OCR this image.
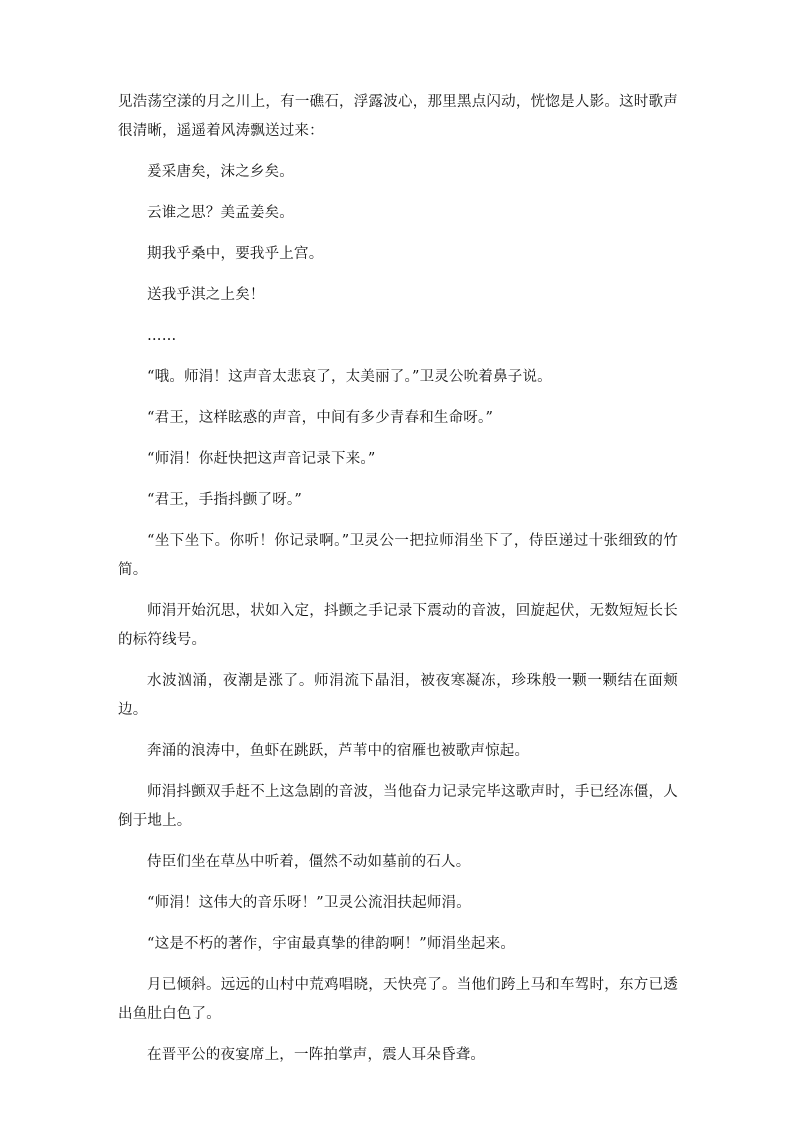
见浩荡空漾的月之川上，有一礁石，浮露波心，那里黑点闪动，恍惚是人影。这时歌声很清晰，遥遥着风涛飘送过来：

爰采唐矣，沫之乡矣。

云谁之思？美孟姜矣。

期我乎桑中，要我乎上宫。

送我乎淇之上矣！

……

“哦。师涓！这声音太悲哀了，太美丽了。”卫灵公吮着鼻子说。

“君王，这样眩惑的声音，中间有多少青春和生命呀。”

“师涓！你赶快把这声音记录下来。”

“君王，手指抖颤了呀。”

“坐下坐下。你听！你记录啊。”卫灵公一把拉师涓坐下了，侍臣递过十张细致的竹简。

师涓开始沉思，状如入定，抖颤之手记录下震动的音波，回旋起伏，无数短短长长的标符线号。

水波汹涌，夜潮是涨了。师涓流下晶泪，被夜寒凝冻，珍珠般一颗一颗结在面颊边。

奔涌的浪涛中，鱼虾在跳跃，芦苇中的宿雁也被歌声惊起。

师涓抖颤双手赶不上这急剧的音波，当他奋力记录完毕这歌声时，手已经冻僵，人倒于地上。

侍臣们坐在草丛中听着，僵然不动如墓前的石人。

“师涓！这伟大的音乐呀！”卫灵公流泪扶起师涓。

“这是不朽的著作，宇宙最真挚的律韵啊！”师涓坐起来。

月已倾斜。远远的山村中荒鸡唱晓，天快亮了。当他们跨上马和车驾时，东方已透出鱼肚白色了。

在晋平公的夜宴席上，一阵拍掌声，震人耳朵昏聋。
